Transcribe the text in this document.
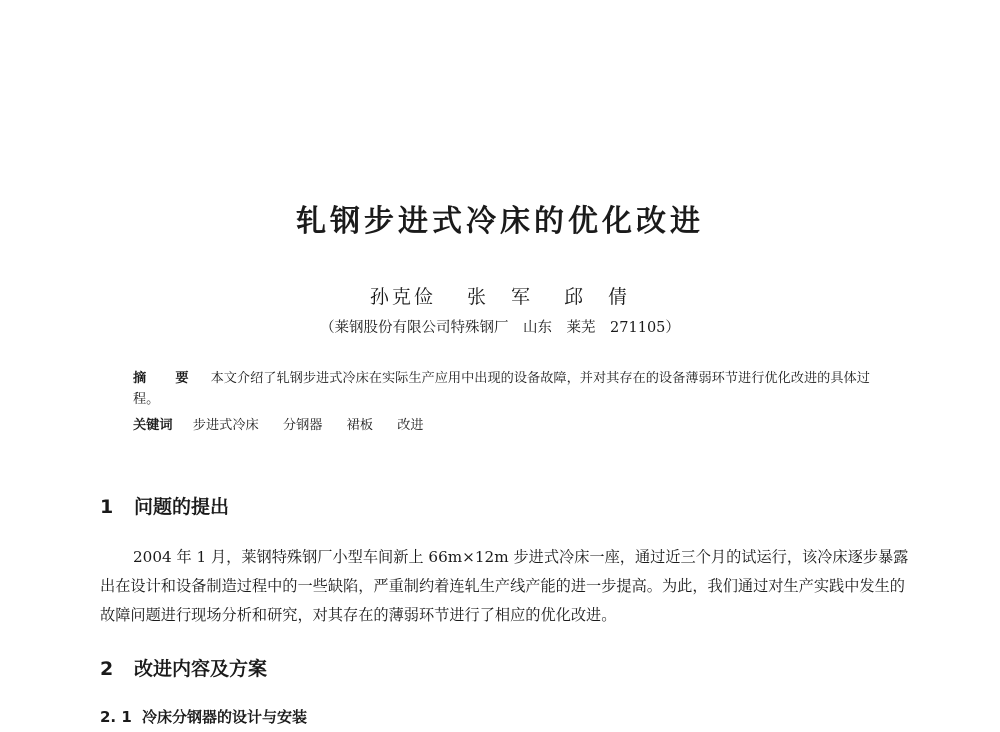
轧钢步进式冷床的优化改进
孙克俭 张　军 邱　倩
（莱钢股份有限公司特殊钢厂　山东　莱芜　271105）
摘　要 本文介绍了轧钢步进式冷床在实际生产应用中出现的设备故障，并对其存在的设备薄弱环节进行优化改进的具体过程。
关键词 步进式冷床 分钢器 裙板 改进
1 问题的提出
2004 年 1 月，莱钢特殊钢厂小型车间新上 66m×12m 步进式冷床一座，通过近三个月的试运行，该冷床逐步暴露出在设计和设备制造过程中的一些缺陷，严重制约着连轧生产线产能的进一步提高。为此，我们通过对生产实践中发生的故障问题进行现场分析和研究，对其存在的薄弱环节进行了相应的优化改进。
2 改进内容及方案
2. 1 冷床分钢器的设计与安装
